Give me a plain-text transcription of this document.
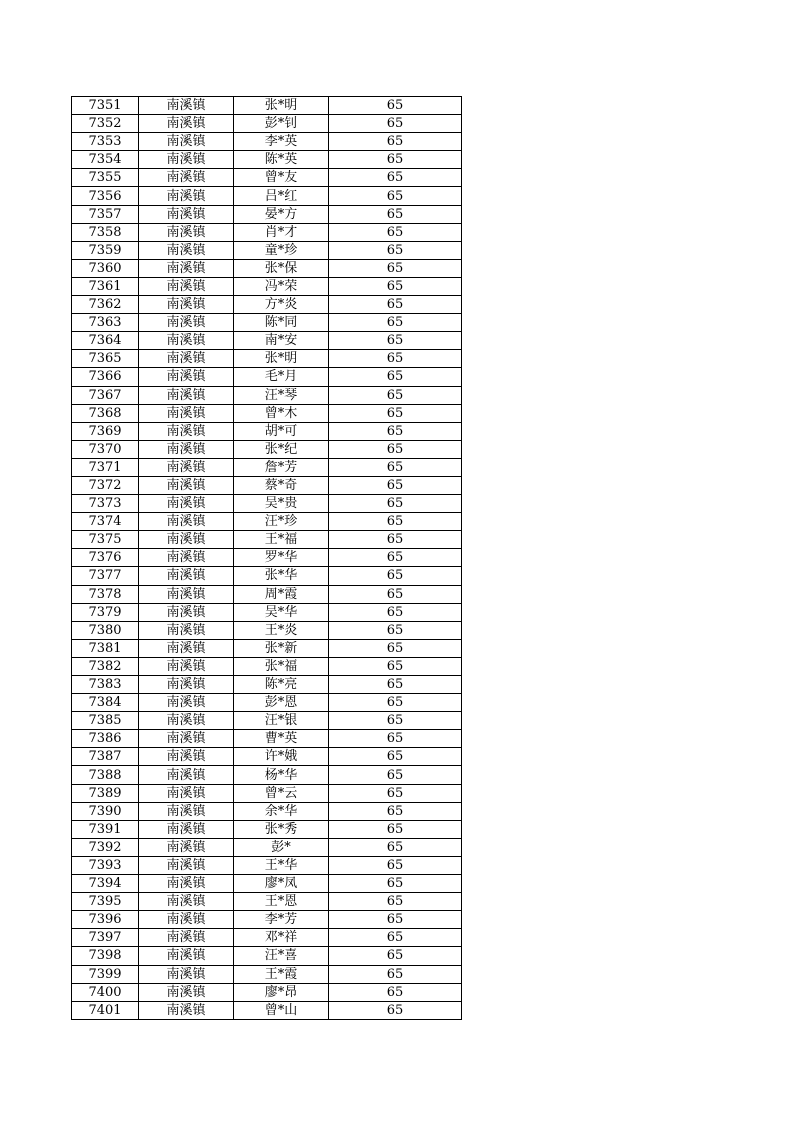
7351	南溪镇	张*明	65
7352	南溪镇	彭*钊	65
7353	南溪镇	李*英	65
7354	南溪镇	陈*英	65
7355	南溪镇	曾*友	65
7356	南溪镇	吕*红	65
7357	南溪镇	晏*方	65
7358	南溪镇	肖*才	65
7359	南溪镇	童*珍	65
7360	南溪镇	张*保	65
7361	南溪镇	冯*荣	65
7362	南溪镇	方*炎	65
7363	南溪镇	陈*同	65
7364	南溪镇	南*安	65
7365	南溪镇	张*明	65
7366	南溪镇	毛*月	65
7367	南溪镇	汪*琴	65
7368	南溪镇	曾*木	65
7369	南溪镇	胡*可	65
7370	南溪镇	张*纪	65
7371	南溪镇	詹*芳	65
7372	南溪镇	蔡*奇	65
7373	南溪镇	吴*贵	65
7374	南溪镇	汪*珍	65
7375	南溪镇	王*福	65
7376	南溪镇	罗*华	65
7377	南溪镇	张*华	65
7378	南溪镇	周*霞	65
7379	南溪镇	吴*华	65
7380	南溪镇	王*炎	65
7381	南溪镇	张*新	65
7382	南溪镇	张*福	65
7383	南溪镇	陈*亮	65
7384	南溪镇	彭*恩	65
7385	南溪镇	汪*银	65
7386	南溪镇	曹*英	65
7387	南溪镇	许*娥	65
7388	南溪镇	杨*华	65
7389	南溪镇	曾*云	65
7390	南溪镇	余*华	65
7391	南溪镇	张*秀	65
7392	南溪镇	彭*	65
7393	南溪镇	王*华	65
7394	南溪镇	廖*凤	65
7395	南溪镇	王*恩	65
7396	南溪镇	李*芳	65
7397	南溪镇	邓*祥	65
7398	南溪镇	汪*喜	65
7399	南溪镇	王*霞	65
7400	南溪镇	廖*昂	65
7401	南溪镇	曾*山	65
